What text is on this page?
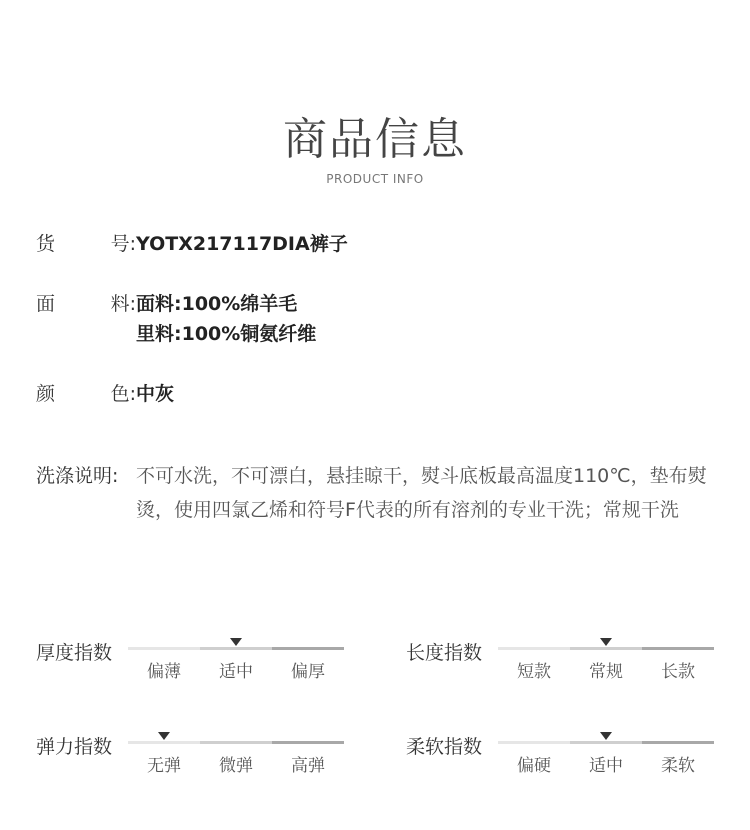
商品信息
PRODUCT INFO
货	号: YOTX217117DIA裤子
面	料: 面料:100%绵羊毛
里料:100%铜氨纤维
颜	色: 中灰
洗涤说明: 不可水洗，不可漂白，悬挂晾干，熨斗底板最高温度110℃，垫布熨烫，使用四氯乙烯和符号F代表的所有溶剂的专业干洗；常规干洗
厚度指数
偏薄	适中	偏厚
长度指数
短款	常规	长款
弹力指数
无弹	微弹	高弹
柔软指数
偏硬	适中	柔软
